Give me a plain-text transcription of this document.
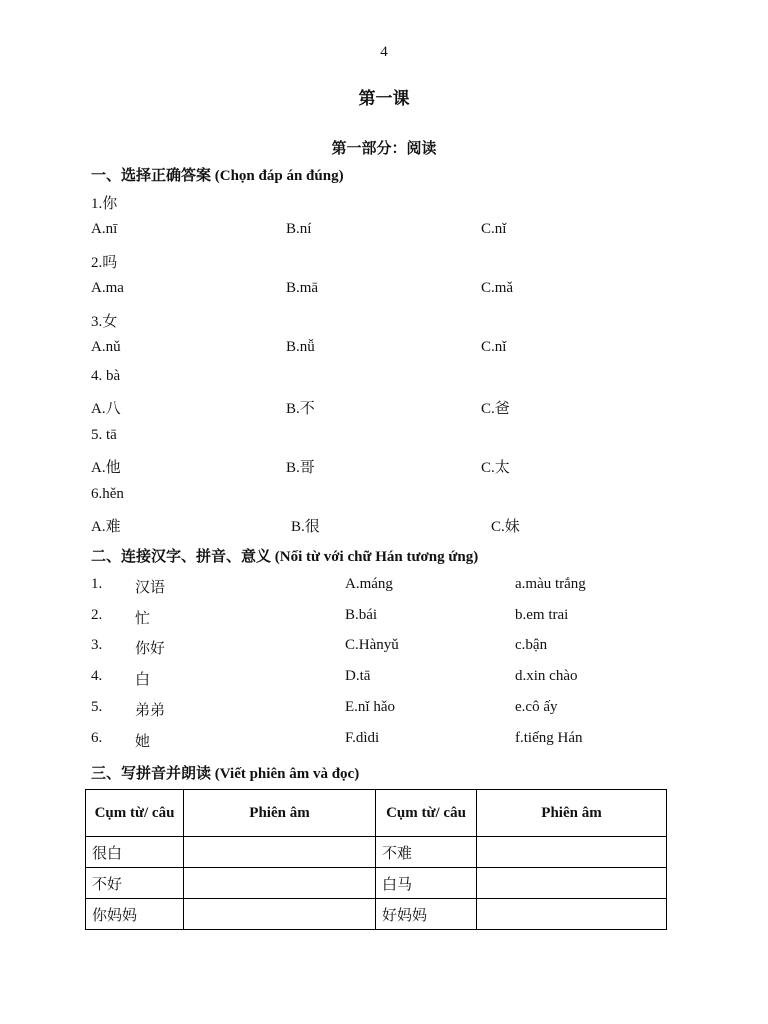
4
第一课
第一部分：阅读
一、选择正确答案 (Chọn đáp án đúng)
1.你
A.nī	B.ní	C.nǐ
2.吗
A.ma	B.mā	C.mǎ
3.女
A.nǔ	B.nǚ	C.nǐ
4. bà
A.八	B.不	C.爸
5. tā
A.他	B.哥	C.太
6.hěn
A.难	B.很	C.妹
二、连接汉字、拼音、意义 (Nối từ với chữ Hán tương ứng)
1. 汉语	A.máng	a.màu trắng
2. 忙	B.bái	b.em trai
3. 你好	C.Hànyǔ	c.bận
4. 白	D.tā	d.xin chào
5. 弟弟	E.nǐ hǎo	e.cô ấy
6. 她	F.dìdi	f.tiếng Hán
三、写拼音并朗读 (Viết phiên âm và đọc)
Cụm từ/ câu	Phiên âm	Cụm từ/ câu	Phiên âm
很白		不难	
不好		白马	
你妈妈		好妈妈	
